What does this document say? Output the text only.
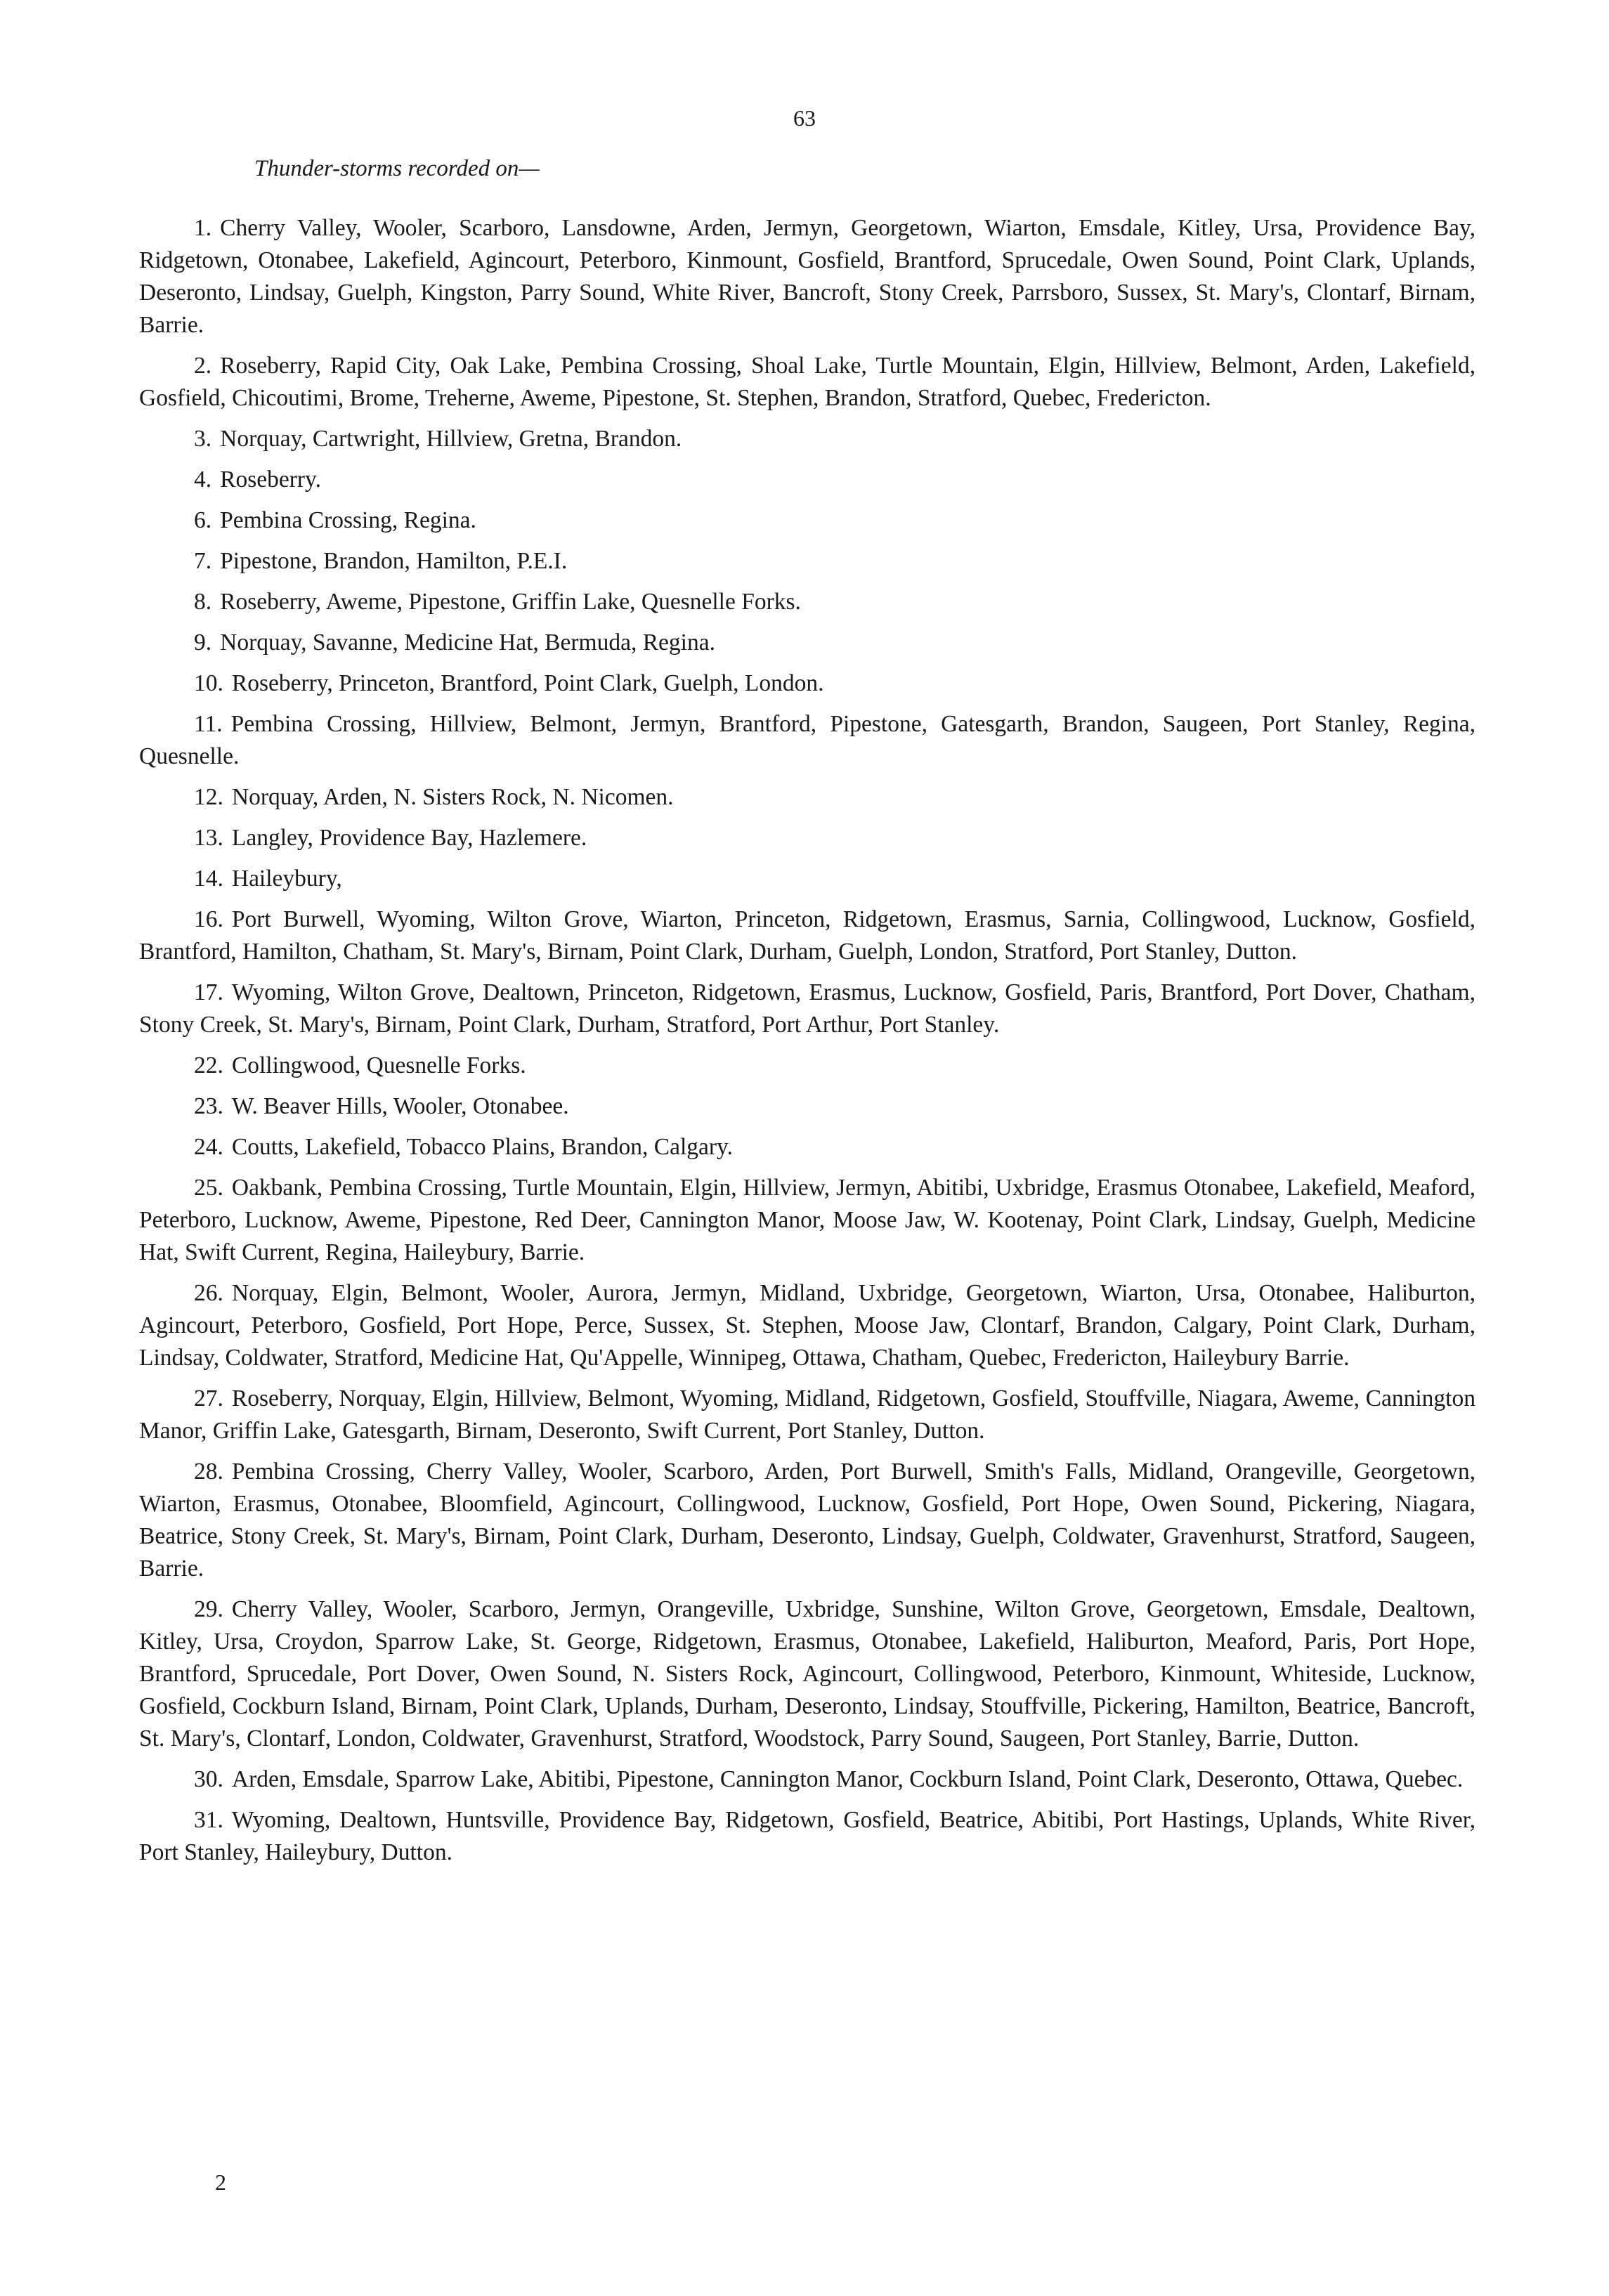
63
Thunder-storms recorded on—

1. Cherry Valley, Wooler, Scarboro, Lansdowne, Arden, Jermyn, Georgetown, Wiarton, Emsdale, Kitley, Ursa, Providence Bay, Ridgetown, Otonabee, Lakefield, Agincourt, Peterboro, Kinmount, Gosfield, Brantford, Sprucedale, Owen Sound, Point Clark, Uplands, Deseronto, Lindsay, Guelph, Kingston, Parry Sound, White River, Bancroft, Stony Creek, Parrsboro, Sussex, St. Mary's, Clontarf, Birnam, Barrie.

2. Roseberry, Rapid City, Oak Lake, Pembina Crossing, Shoal Lake, Turtle Mountain, Elgin, Hillview, Belmont, Arden, Lakefield, Gosfield, Chicoutimi, Brome, Treherne, Aweme, Pipestone, St. Stephen, Brandon, Stratford, Quebec, Fredericton.

3. Norquay, Cartwright, Hillview, Gretna, Brandon.

4. Roseberry.

6. Pembina Crossing, Regina.

7. Pipestone, Brandon, Hamilton, P.E.I.

8. Roseberry, Aweme, Pipestone, Griffin Lake, Quesnelle Forks.

9. Norquay, Savanne, Medicine Hat, Bermuda, Regina.

10. Roseberry, Princeton, Brantford, Point Clark, Guelph, London.

11. Pembina Crossing, Hillview, Belmont, Jermyn, Brantford, Pipestone, Gatesgarth, Brandon, Saugeen, Port Stanley, Regina, Quesnelle.

12. Norquay, Arden, N. Sisters Rock, N. Nicomen.

13. Langley, Providence Bay, Hazlemere.

14. Haileybury,

16. Port Burwell, Wyoming, Wilton Grove, Wiarton, Princeton, Ridgetown, Erasmus, Sarnia, Collingwood, Lucknow, Gosfield, Brantford, Hamilton, Chatham, St. Mary's, Birnam, Point Clark, Durham, Guelph, London, Stratford, Port Stanley, Dutton.

17. Wyoming, Wilton Grove, Dealtown, Princeton, Ridgetown, Erasmus, Lucknow, Gosfield, Paris, Brantford, Port Dover, Chatham, Stony Creek, St. Mary's, Birnam, Point Clark, Durham, Stratford, Port Arthur, Port Stanley.

22. Collingwood, Quesnelle Forks.

23. W. Beaver Hills, Wooler, Otonabee.

24. Coutts, Lakefield, Tobacco Plains, Brandon, Calgary.

25. Oakbank, Pembina Crossing, Turtle Mountain, Elgin, Hillview, Jermyn, Abitibi, Uxbridge, Erasmus Otonabee, Lakefield, Meaford, Peterboro, Lucknow, Aweme, Pipestone, Red Deer, Cannington Manor, Moose Jaw, W. Kootenay, Point Clark, Lindsay, Guelph, Medicine Hat, Swift Current, Regina, Haileybury, Barrie.

26. Norquay, Elgin, Belmont, Wooler, Aurora, Jermyn, Midland, Uxbridge, Georgetown, Wiarton, Ursa, Otonabee, Haliburton, Agincourt, Peterboro, Gosfield, Port Hope, Perce, Sussex, St. Stephen, Moose Jaw, Clontarf, Brandon, Calgary, Point Clark, Durham, Lindsay, Coldwater, Stratford, Medicine Hat, Qu'Appelle, Winnipeg, Ottawa, Chatham, Quebec, Fredericton, Haileybury Barrie.

27. Roseberry, Norquay, Elgin, Hillview, Belmont, Wyoming, Midland, Ridgetown, Gosfield, Stouffville, Niagara, Aweme, Cannington Manor, Griffin Lake, Gatesgarth, Birnam, Deseronto, Swift Current, Port Stanley, Dutton.

28. Pembina Crossing, Cherry Valley, Wooler, Scarboro, Arden, Port Burwell, Smith's Falls, Midland, Orangeville, Georgetown, Wiarton, Erasmus, Otonabee, Bloomfield, Agincourt, Collingwood, Lucknow, Gosfield, Port Hope, Owen Sound, Pickering, Niagara, Beatrice, Stony Creek, St. Mary's, Birnam, Point Clark, Durham, Deseronto, Lindsay, Guelph, Coldwater, Gravenhurst, Stratford, Saugeen, Barrie.

29. Cherry Valley, Wooler, Scarboro, Jermyn, Orangeville, Uxbridge, Sunshine, Wilton Grove, Georgetown, Emsdale, Dealtown, Kitley, Ursa, Croydon, Sparrow Lake, St. George, Ridgetown, Erasmus, Otonabee, Lakefield, Haliburton, Meaford, Paris, Port Hope, Brantford, Sprucedale, Port Dover, Owen Sound, N. Sisters Rock, Agincourt, Collingwood, Peterboro, Kinmount, Whiteside, Lucknow, Gosfield, Cockburn Island, Birnam, Point Clark, Uplands, Durham, Deseronto, Lindsay, Stouffville, Pickering, Hamilton, Beatrice, Bancroft, St. Mary's, Clontarf, London, Coldwater, Gravenhurst, Stratford, Woodstock, Parry Sound, Saugeen, Port Stanley, Barrie, Dutton.

30. Arden, Emsdale, Sparrow Lake, Abitibi, Pipestone, Cannington Manor, Cockburn Island, Point Clark, Deseronto, Ottawa, Quebec.

31. Wyoming, Dealtown, Huntsville, Providence Bay, Ridgetown, Gosfield, Beatrice, Abitibi, Port Hastings, Uplands, White River, Port Stanley, Haileybury, Dutton.

2
